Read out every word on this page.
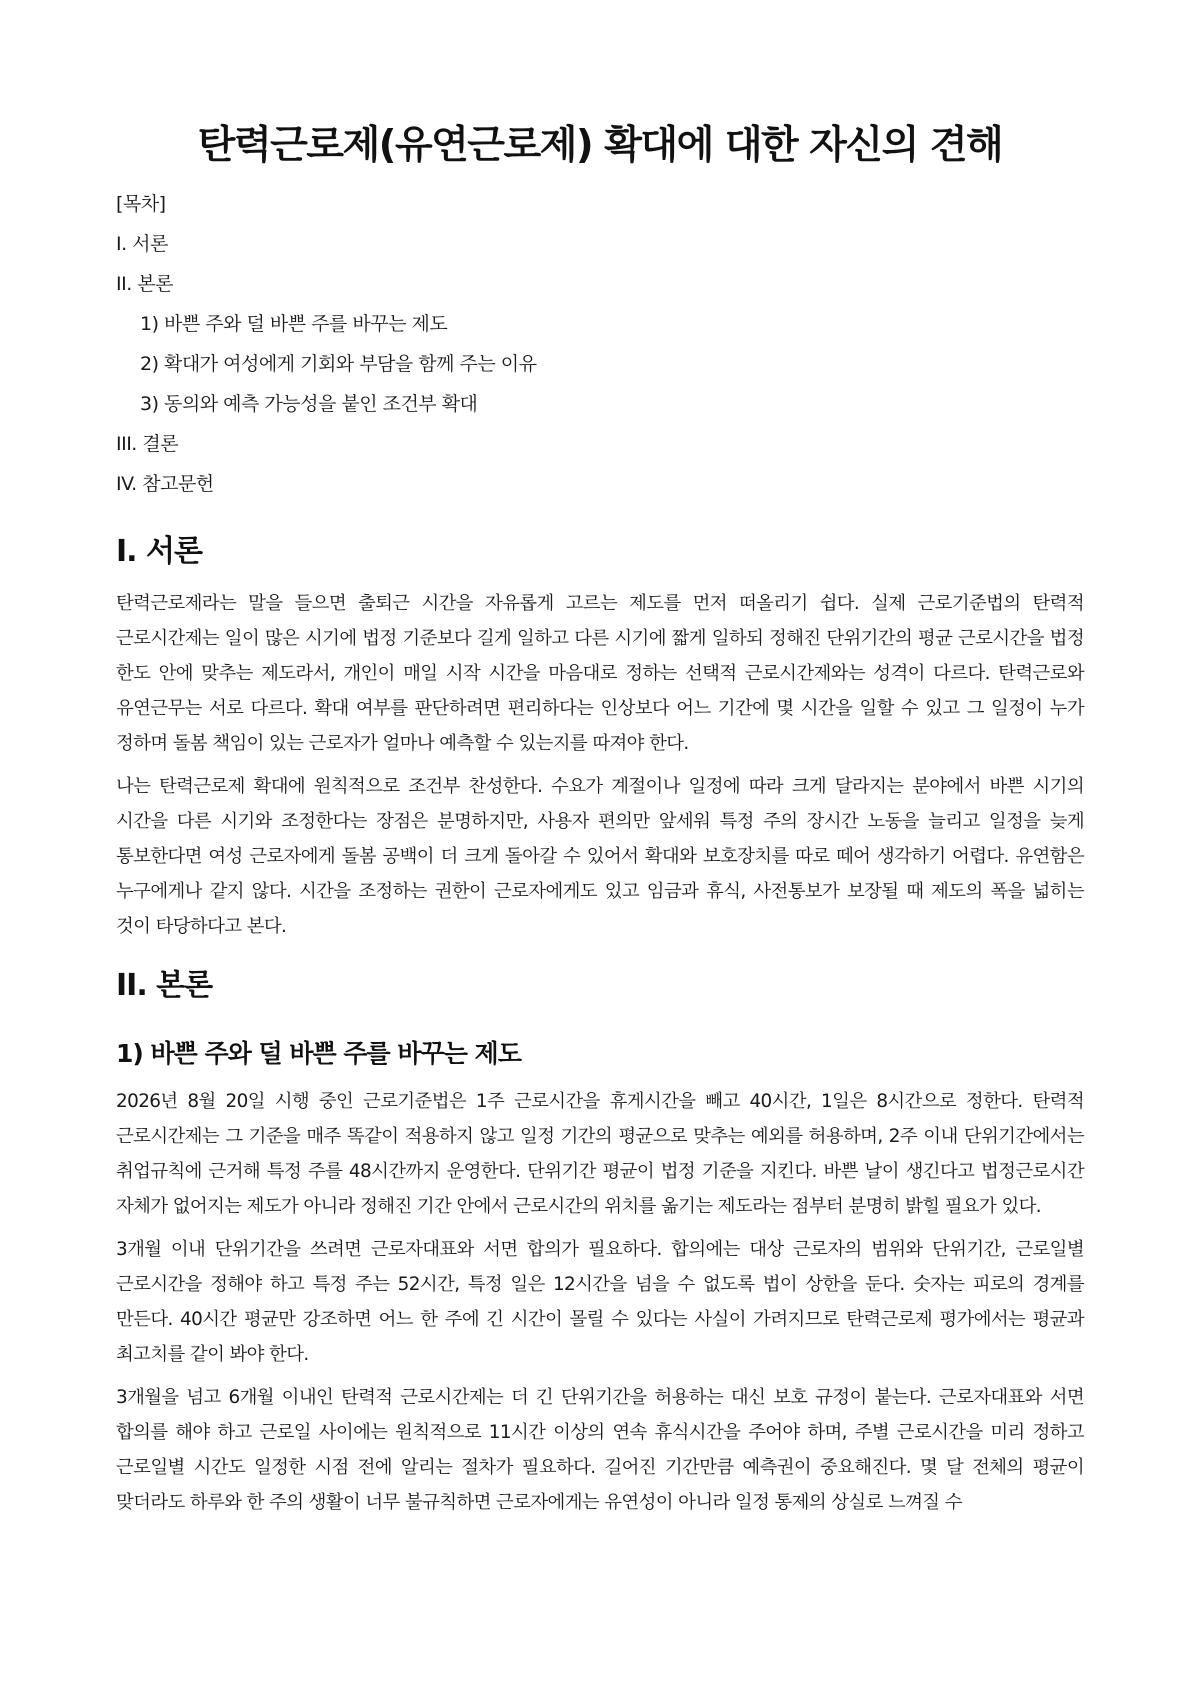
탄력근로제(유연근로제) 확대에 대한 자신의 견해
[목차]
I. 서론
II. 본론
1) 바쁜 주와 덜 바쁜 주를 바꾸는 제도
2) 확대가 여성에게 기회와 부담을 함께 주는 이유
3) 동의와 예측 가능성을 붙인 조건부 확대
III. 결론
IV. 참고문헌
I. 서론

탄력근로제라는 말을 들으면 출퇴근 시간을 자유롭게 고르는 제도를 먼저 떠올리기 쉽다. 실제 근로기준법의 탄력적 근로시간제는 일이 많은 시기에 법정 기준보다 길게 일하고 다른 시기에 짧게 일하되 정해진 단위기간의 평균 근로시간을 법정 한도 안에 맞추는 제도라서, 개인이 매일 시작 시간을 마음대로 정하는 선택적 근로시간제와는 성격이 다르다. 탄력근로와 유연근무는 서로 다르다. 확대 여부를 판단하려면 편리하다는 인상보다 어느 기간에 몇 시간을 일할 수 있고 그 일정이 누가 정하며 돌봄 책임이 있는 근로자가 얼마나 예측할 수 있는지를 따져야 한다.

나는 탄력근로제 확대에 원칙적으로 조건부 찬성한다. 수요가 계절이나 일정에 따라 크게 달라지는 분야에서 바쁜 시기의 시간을 다른 시기와 조정한다는 장점은 분명하지만, 사용자 편의만 앞세워 특정 주의 장시간 노동을 늘리고 일정을 늦게 통보한다면 여성 근로자에게 돌봄 공백이 더 크게 돌아갈 수 있어서 확대와 보호장치를 따로 떼어 생각하기 어렵다. 유연함은 누구에게나 같지 않다. 시간을 조정하는 권한이 근로자에게도 있고 임금과 휴식, 사전통보가 보장될 때 제도의 폭을 넓히는 것이 타당하다고 본다.

II. 본론
1) 바쁜 주와 덜 바쁜 주를 바꾸는 제도

2026년 8월 20일 시행 중인 근로기준법은 1주 근로시간을 휴게시간을 빼고 40시간, 1일은 8시간으로 정한다. 탄력적 근로시간제는 그 기준을 매주 똑같이 적용하지 않고 일정 기간의 평균으로 맞추는 예외를 허용하며, 2주 이내 단위기간에서는 취업규칙에 근거해 특정 주를 48시간까지 운영한다. 단위기간 평균이 법정 기준을 지킨다. 바쁜 날이 생긴다고 법정근로시간 자체가 없어지는 제도가 아니라 정해진 기간 안에서 근로시간의 위치를 옮기는 제도라는 점부터 분명히 밝힐 필요가 있다.

3개월 이내 단위기간을 쓰려면 근로자대표와 서면 합의가 필요하다. 합의에는 대상 근로자의 범위와 단위기간, 근로일별 근로시간을 정해야 하고 특정 주는 52시간, 특정 일은 12시간을 넘을 수 없도록 법이 상한을 둔다. 숫자는 피로의 경계를 만든다. 40시간 평균만 강조하면 어느 한 주에 긴 시간이 몰릴 수 있다는 사실이 가려지므로 탄력근로제 평가에서는 평균과 최고치를 같이 봐야 한다.

3개월을 넘고 6개월 이내인 탄력적 근로시간제는 더 긴 단위기간을 허용하는 대신 보호 규정이 붙는다. 근로자대표와 서면 합의를 해야 하고 근로일 사이에는 원칙적으로 11시간 이상의 연속 휴식시간을 주어야 하며, 주별 근로시간을 미리 정하고 근로일별 시간도 일정한 시점 전에 알리는 절차가 필요하다. 길어진 기간만큼 예측권이 중요해진다. 몇 달 전체의 평균이 맞더라도 하루와 한 주의 생활이 너무 불규칙하면 근로자에게는 유연성이 아니라 일정 통제의 상실로 느껴질 수
